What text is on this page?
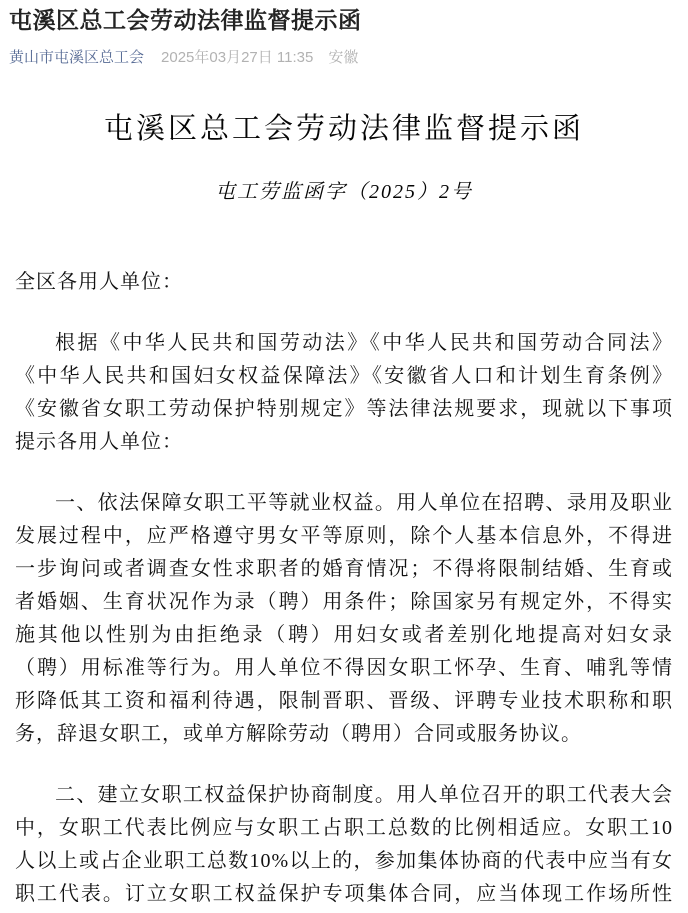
屯溪区总工会劳动法律监督提示函
黄山市屯溪区总工会 2025年03月27日 11:35 安徽
屯溪区总工会劳动法律监督提示函
屯工劳监函字（2025）2号
全区各用人单位：
根据《中华人民共和国劳动法》《中华人民共和国劳动合同法》
《中华人民共和国妇女权益保障法》《安徽省人口和计划生育条例》
《安徽省女职工劳动保护特别规定》等法律法规要求，现就以下事项
提示各用人单位：
一、依法保障女职工平等就业权益。用人单位在招聘、录用及职业
发展过程中，应严格遵守男女平等原则，除个人基本信息外，不得进
一步询问或者调查女性求职者的婚育情况；不得将限制结婚、生育或
者婚姻、生育状况作为录（聘）用条件；除国家另有规定外，不得实
施其他以性别为由拒绝录（聘）用妇女或者差别化地提高对妇女录
（聘）用标准等行为。用人单位不得因女职工怀孕、生育、哺乳等情
形降低其工资和福利待遇，限制晋职、晋级、评聘专业技术职称和职
务，辞退女职工，或单方解除劳动（聘用）合同或服务协议。
二、建立女职工权益保护协商制度。用人单位召开的职工代表大会
中，女职工代表比例应与女职工占职工总数的比例相适应。女职工10
人以上或占企业职工总数10%以上的，参加集体协商的代表中应当有女
职工代表。订立女职工权益保护专项集体合同，应当体现工作场所性
